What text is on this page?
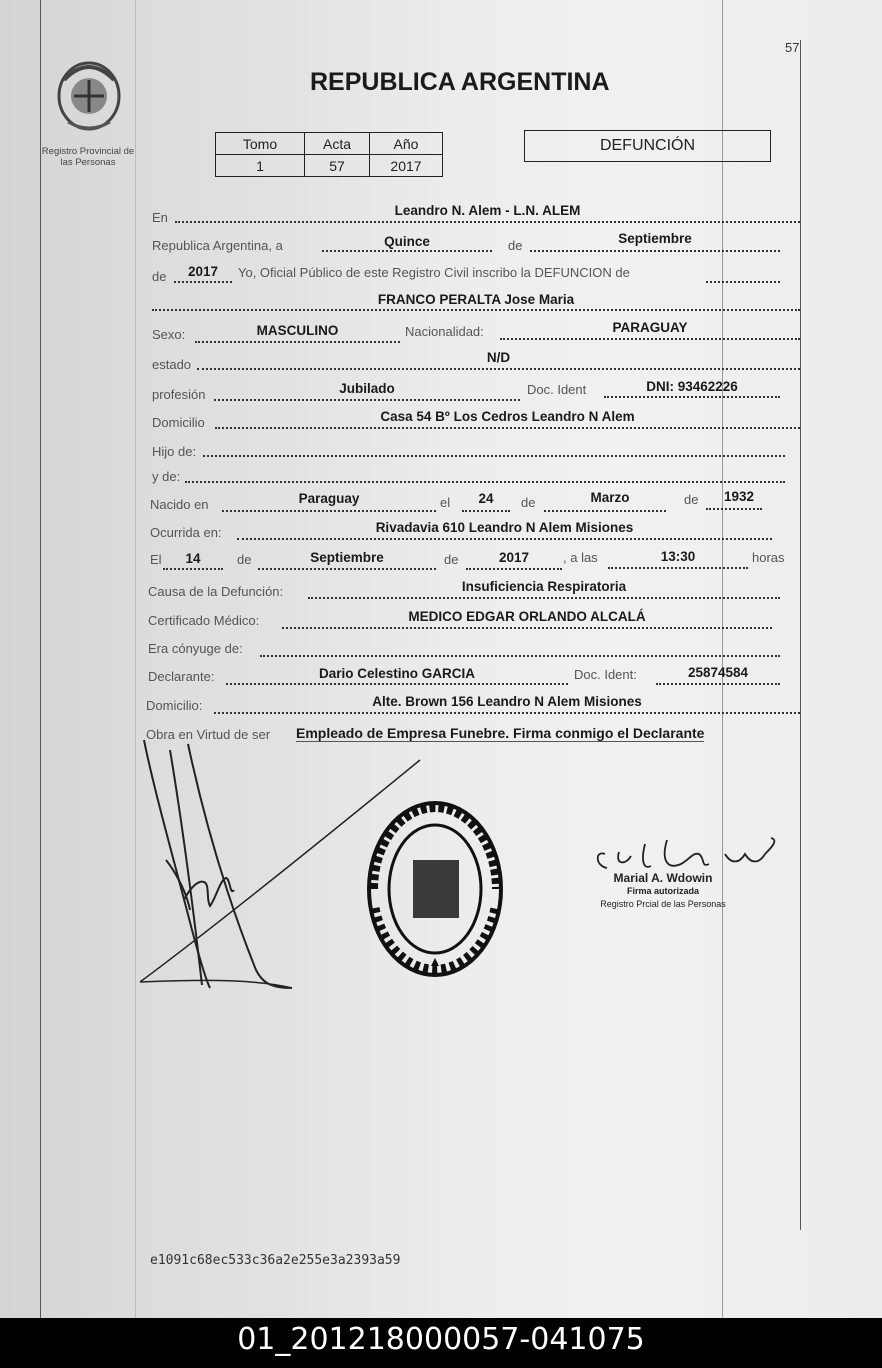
57
Registro Provincial de
las Personas
REPUBLICA ARGENTINA
Tomo	Acta	Año
1	57	2017
DEFUNCIÓN
En	Leandro N. Alem - L.N. ALEM
Republica Argentina, a	Quince	de	Septiembre
de	2017	Yo, Oficial Público de este Registro Civil inscribo la DEFUNCION de
FRANCO PERALTA Jose Maria
Sexo:	MASCULINO	Nacionalidad:	PARAGUAY
estado	N/D
profesión	Jubilado	Doc. Ident	DNI: 93462226
Domicilio	Casa 54 Bº Los Cedros Leandro N Alem
Hijo de:
y de:
Nacido en	Paraguay	el	24	de	Marzo	de	1932
Ocurrida en:	Rivadavia 610 Leandro N Alem Misiones
El	14	de	Septiembre	de	2017	, a las	13:30	horas
Causa de la Defunción:	Insuficiencia Respiratoria
Certificado Médico:	MEDICO EDGAR ORLANDO ALCALÁ
Era cónyuge de:
Declarante:	Dario Celestino GARCIA	Doc. Ident:	25874584
Domicilio:	Alte. Brown 156 Leandro N Alem Misiones
Obra en Virtud de ser Empleado de Empresa Funebre. Firma conmigo el Declarante
Marial A. Wdowin
Firma autorizada
Registro Prcial de las Personas
e1091c68ec533c36a2e255e3a2393a59
01_201218000057-041075
